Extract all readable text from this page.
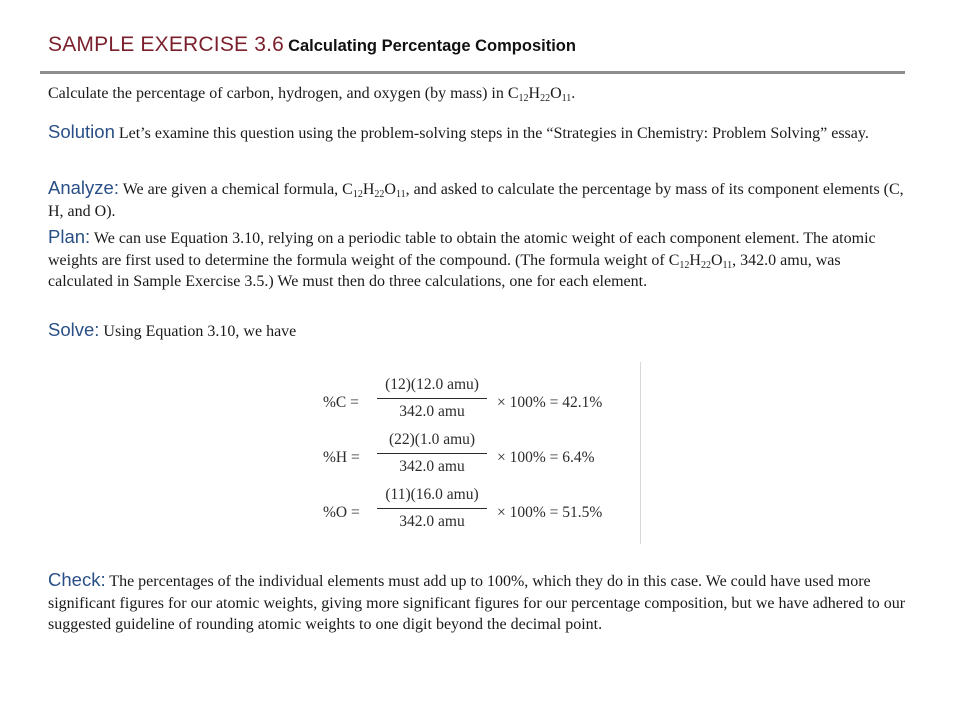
SAMPLE EXERCISE 3.6 Calculating Percentage Composition
Calculate the percentage of carbon, hydrogen, and oxygen (by mass) in $C_{12}H_{22}O_{11}$.
Solution Let’s examine this question using the problem-solving steps in the “Strategies in Chemistry: Problem Solving” essay.
Analyze: We are given a chemical formula, $C_{12}H_{22}O_{11}$, and asked to calculate the percentage by mass of its component elements (C, H, and O).
Plan: We can use Equation 3.10, relying on a periodic table to obtain the atomic weight of each component element. The atomic weights are first used to determine the formula weight of the compound. (The formula weight of $C_{12}H_{22}O_{11}$, 342.0 amu, was calculated in Sample Exercise 3.5.) We must then do three calculations, one for each element.
Solve: Using Equation 3.10, we have
%C =
(12)(12.0 amu)
342.0 amu
× 100% = 42.1%
%H =
(22)(1.0 amu)
342.0 amu
× 100% = 6.4%
%O =
(11)(16.0 amu)
342.0 amu
× 100% = 51.5%
Check: The percentages of the individual elements must add up to 100%, which they do in this case. We could have used more significant figures for our atomic weights, giving more significant figures for our percentage composition, but we have adhered to our suggested guideline of rounding atomic weights to one digit beyond the decimal point.
